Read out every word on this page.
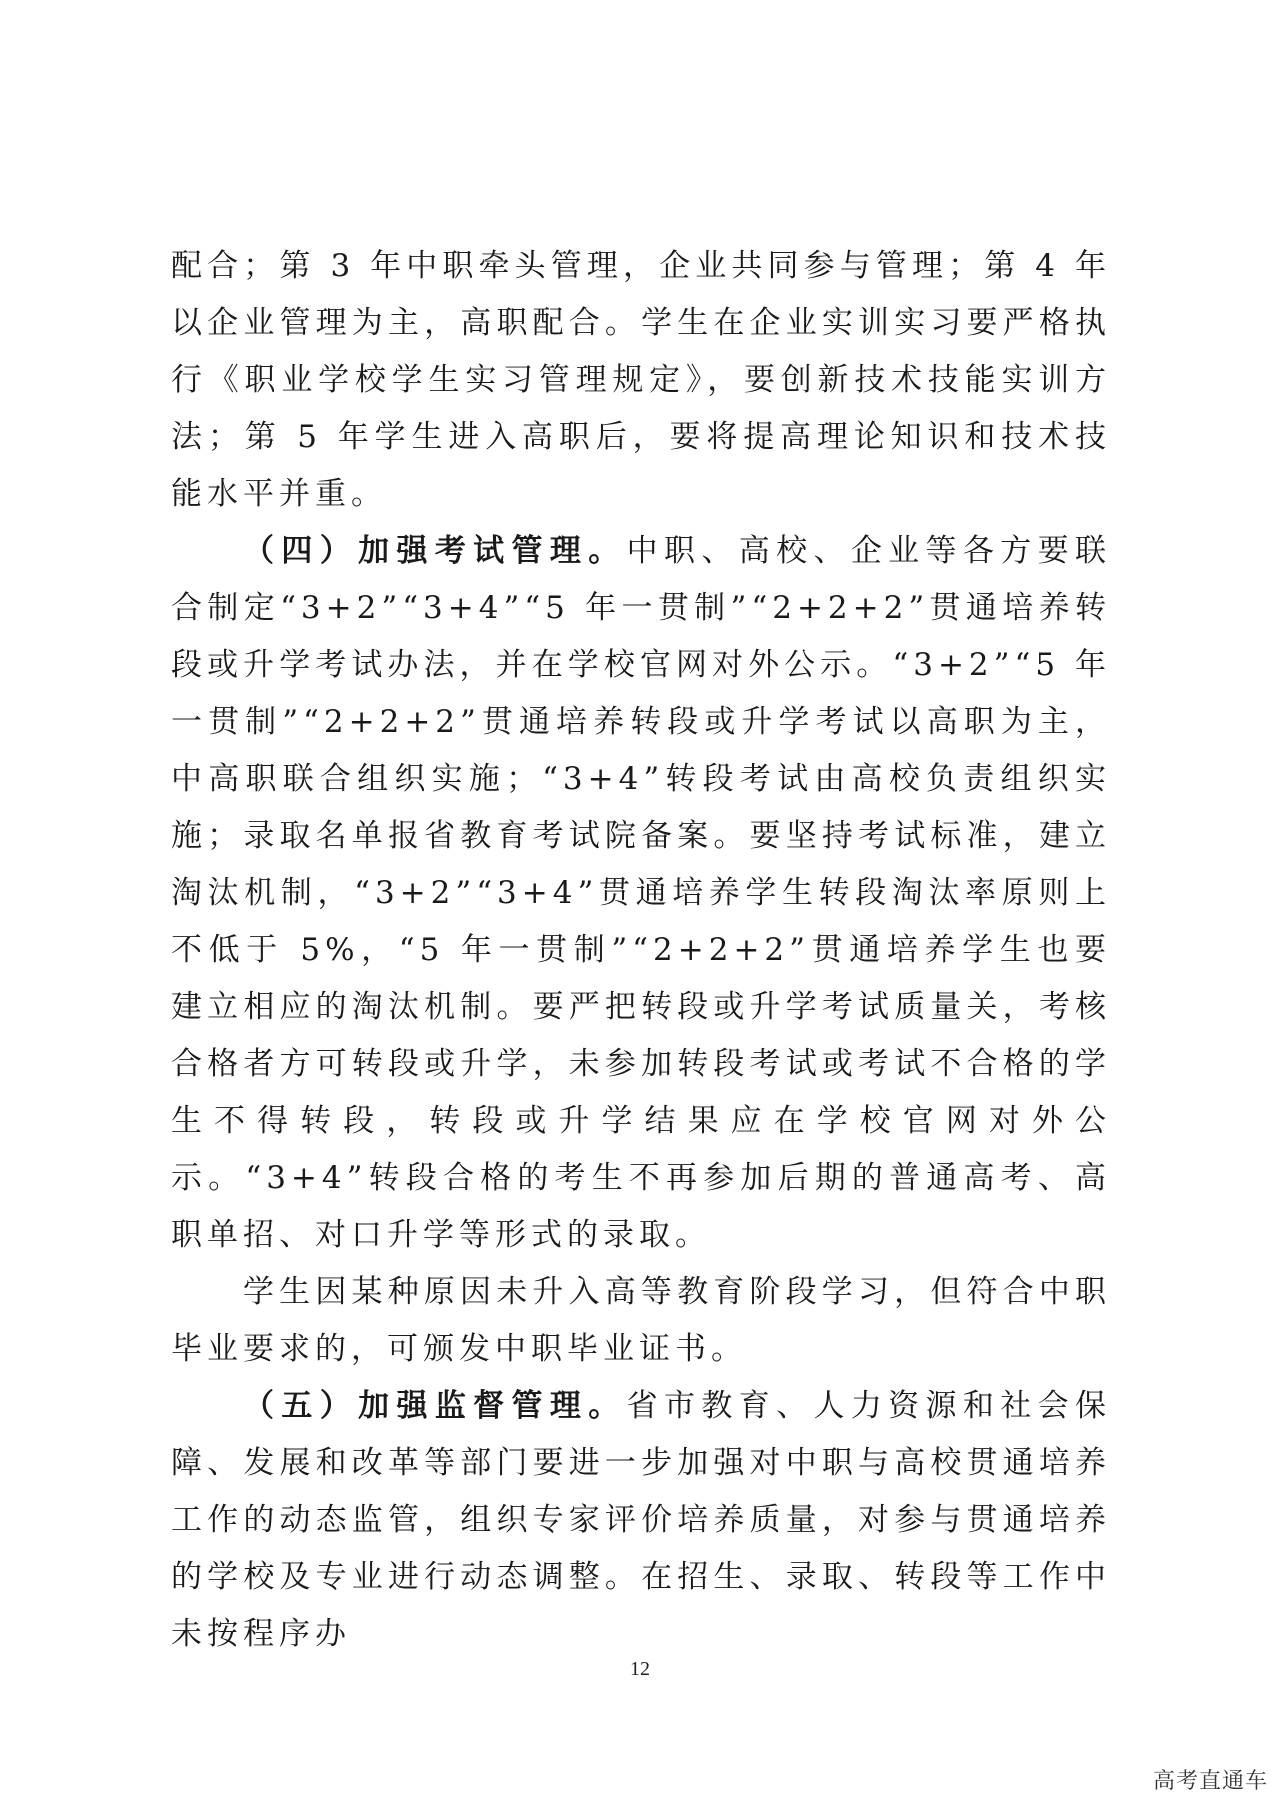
配合；第 3 年中职牵头管理，企业共同参与管理；第 4 年以企业管理为主，高职配合。学生在企业实训实习要严格执行《职业学校学生实习管理规定》，要创新技术技能实训方法；第 5 年学生进入高职后，要将提高理论知识和技术技能水平并重。

（四）加强考试管理。中职、高校、企业等各方要联合制定“3+2”“3+4”“5 年一贯制”“2+2+2”贯通培养转段或升学考试办法，并在学校官网对外公示。“3+2”“5 年一贯制”“2+2+2”贯通培养转段或升学考试以高职为主，中高职联合组织实施；“3+4”转段考试由高校负责组织实施；录取名单报省教育考试院备案。要坚持考试标准，建立淘汰机制，“3+2”“3+4”贯通培养学生转段淘汰率原则上不低于 5%，“5 年一贯制”“2+2+2”贯通培养学生也要建立相应的淘汰机制。要严把转段或升学考试质量关，考核合格者方可转段或升学，未参加转段考试或考试不合格的学生不得转段，转段或升学结果应在学校官网对外公示。“3+4”转段合格的考生不再参加后期的普通高考、高职单招、对口升学等形式的录取。

学生因某种原因未升入高等教育阶段学习，但符合中职毕业要求的，可颁发中职毕业证书。

（五）加强监督管理。省市教育、人力资源和社会保障、发展和改革等部门要进一步加强对中职与高校贯通培养工作的动态监管，组织专家评价培养质量，对参与贯通培养的学校及专业进行动态调整。在招生、录取、转段等工作中未按程序办

12
高考直通车
